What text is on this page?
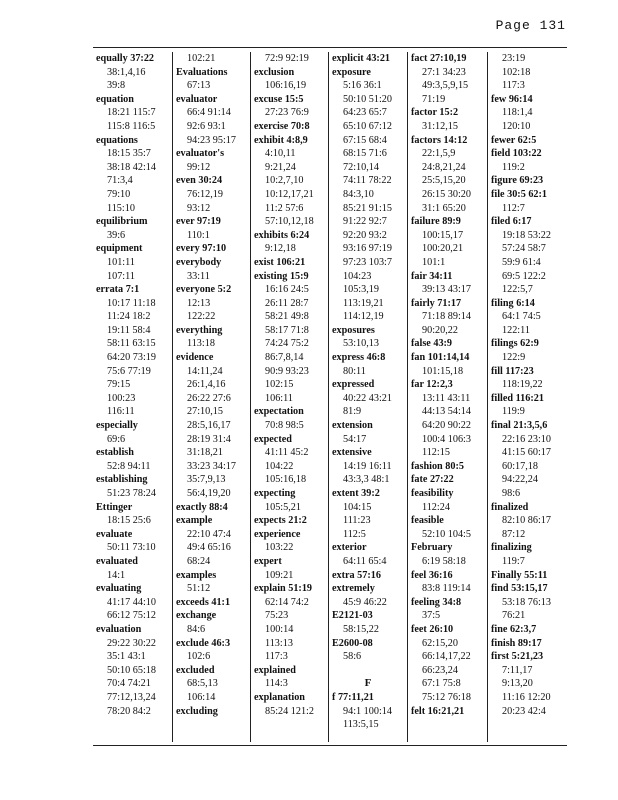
Page 131
equally 37:22
38:1,4,16
39:8
equation
18:21 115:7
115:8 116:5
equations
18:15 35:7
38:18 42:14
71:3,4
79:10
115:10
equilibrium
39:6
equipment
101:11
107:11
errata 7:1
10:17 11:18
11:24 18:2
19:11 58:4
58:11 63:15
64:20 73:19
75:6 77:19
79:15
100:23
116:11
especially
69:6
establish
52:8 94:11
establishing
51:23 78:24
Ettinger
18:15 25:6
evaluate
50:11 73:10
evaluated
14:1
evaluating
41:17 44:10
66:12 75:12
evaluation
29:22 30:22
35:1 43:1
50:10 65:18
70:4 74:21
77:12,13,24
78:20 84:2
102:21
Evaluations
67:13
evaluator
66:4 91:14
92:6 93:1
94:23 95:17
evaluator's
99:12
even 30:24
76:12,19
93:12
ever 97:19
110:1
every 97:10
everybody
33:11
everyone 5:2
12:13
122:22
everything
113:18
evidence
14:11,24
26:1,4,16
26:22 27:6
27:10,15
28:5,16,17
28:19 31:4
31:18,21
33:23 34:17
35:7,9,13
56:4,19,20
exactly 88:4
example
22:10 47:4
49:4 65:16
68:24
examples
51:12
exceeds 41:1
exchange
84:6
exclude 46:3
102:6
excluded
68:5,13
106:14
excluding
72:9 92:19
exclusion
106:16,19
excuse 15:5
27:23 76:9
exercise 70:8
exhibit 4:8,9
4:10,11
9:21,24
10:2,7,10
10:12,17,21
11:2 57:6
57:10,12,18
exhibits 6:24
9:12,18
exist 106:21
existing 15:9
16:16 24:5
26:11 28:7
58:21 49:8
58:17 71:8
74:24 75:2
86:7,8,14
90:9 93:23
102:15
106:11
expectation
70:8 98:5
expected
41:11 45:2
104:22
105:16,18
expecting
105:5,21
expects 21:2
experience
103:22
expert
109:21
explain 51:19
62:14 74:2
75:23
100:14
113:13
117:3
explained
114:3
explanation
85:24 121:2
explicit 43:21
exposure
5:16 36:1
50:10 51:20
64:23 65:7
65:10 67:12
67:15 68:4
68:15 71:6
72:10,14
74:11 78:22
84:3,10
85:21 91:15
91:22 92:7
92:20 93:2
93:16 97:19
97:23 103:7
104:23
105:3,19
113:19,21
114:12,19
exposures
53:10,13
express 46:8
80:11
expressed
40:22 43:21
81:9
extension
54:17
extensive
14:19 16:11
43:3,3 48:1
extent 39:2
104:15
111:23
112:5
exterior
64:11 65:4
extra 57:16
extremely
45:9 46:22
E2121-03
58:15,22
E2600-08
58:6
F
f 77:11,21
94:1 100:14
113:5,15
fact 27:10,19
27:1 34:23
49:3,5,9,15
71:19
factor 15:2
31:12,15
factors 14:12
22:1,5,9
24:8,21,24
25:5,15,20
26:15 30:20
31:1 65:20
failure 89:9
100:15,17
100:20,21
101:1
fair 34:11
39:13 43:17
fairly 71:17
71:18 89:14
90:20,22
false 43:9
fan 101:14,14
101:15,18
far 12:2,3
13:11 43:11
44:13 54:14
64:20 90:22
100:4 106:3
112:15
fashion 80:5
fate 27:22
feasibility
112:24
feasible
52:10 104:5
February
6:19 58:18
feel 36:16
83:8 119:14
feeling 34:8
37:5
feet 26:10
62:15,20
66:14,17,22
66:23,24
67:1 75:8
75:12 76:18
felt 16:21,21
23:19
102:18
117:3
few 96:14
118:1,4
120:10
fewer 62:5
field 103:22
119:2
figure 69:23
file 30:5 62:1
112:7
filed 6:17
19:18 53:22
57:24 58:7
59:9 61:4
69:5 122:2
122:5,7
filing 6:14
64:1 74:5
122:11
filings 62:9
122:9
fill 117:23
118:19,22
filled 116:21
119:9
final 21:3,5,6
22:16 23:10
41:15 60:17
60:17,18
94:22,24
98:6
finalized
82:10 86:17
87:12
finalizing
119:7
Finally 55:11
find 53:15,17
53:18 76:13
76:21
fine 62:3,7
finish 89:17
first 5:21,23
7:11,17
9:13,20
11:16 12:20
20:23 42:4
